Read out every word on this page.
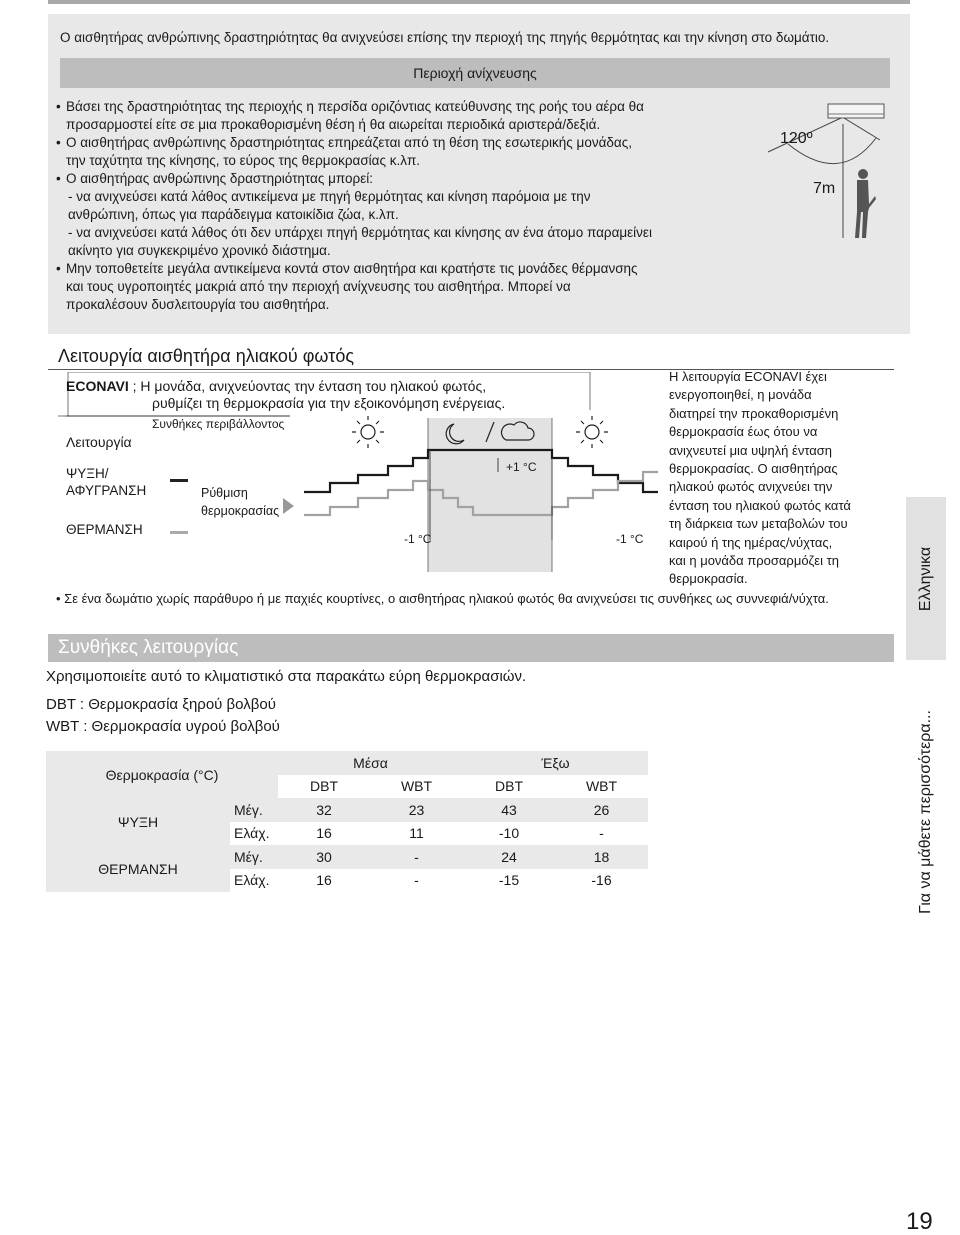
Ο αισθητήρας ανθρώπινης δραστηριότητας θα ανιχνεύσει επίσης την περιοχή της πηγής θερμότητας και την κίνηση στο δωμάτιο.
Περιοχή ανίχνευσης
• Βάσει της δραστηριότητας της περιοχής η περσίδα οριζόντιας κατεύθυνσης της ροής του αέρα θα
προσαρμοστεί είτε σε μια προκαθορισμένη θέση ή θα αιωρείται περιοδικά αριστερά/δεξιά.
• Ο αισθητήρας ανθρώπινης δραστηριότητας επηρεάζεται από τη θέση της εσωτερικής μονάδας,
την ταχύτητα της κίνησης, το εύρος της θερμοκρασίας κ.λπ.
• Ο αισθητήρας ανθρώπινης δραστηριότητας μπορεί:
- να ανιχνεύσει κατά λάθος αντικείμενα με πηγή θερμότητας και κίνηση παρόμοια με την
ανθρώπινη, όπως για παράδειγμα κατοικίδια ζώα, κ.λπ.
- να ανιχνεύσει κατά λάθος ότι δεν υπάρχει πηγή θερμότητας και κίνησης αν ένα άτομο παραμείνει
ακίνητο για συγκεκριμένο χρονικό διάστημα.
• Μην τοποθετείτε μεγάλα αντικείμενα κοντά στον αισθητήρα και κρατήστε τις μονάδες θέρμανσης
και τους υγροποιητές μακριά από την περιοχή ανίχνευσης του αισθητήρα. Μπορεί να
προκαλέσουν δυσλειτουργία του αισθητήρα.
120º
7m
Λειτουργία αισθητήρα ηλιακού φωτός
ECONAVI ; Η μονάδα, ανιχνεύοντας την ένταση του ηλιακού φωτός,
ρυθμίζει τη θερμοκρασία για την εξοικονόμηση ενέργειας.
Συνθήκες περιβάλλοντος
Λειτουργία
ΨΥΞΗ/
ΑΦΥΓΡΑΝΣΗ
ΘΕΡΜΑΝΣΗ
Ρύθμιση
θερμοκρασίας
+1 °C
-1 °C	-1 °C
Η λειτουργία ECONAVI έχει
ενεργοποιηθεί, η μονάδα
διατηρεί την προκαθορισμένη
θερμοκρασία έως ότου να
ανιχνευτεί μια υψηλή ένταση
θερμοκρασίας. Ο αισθητήρας
ηλιακού φωτός ανιχνεύει την
ένταση του ηλιακού φωτός κατά
τη διάρκεια των μεταβολών του
καιρού ή της ημέρας/νύχτας,
και η μονάδα προσαρμόζει τη
θερμοκρασία.
• Σε ένα δωμάτιο χωρίς παράθυρο ή με παχιές κουρτίνες, ο αισθητήρας ηλιακού φωτός θα ανιχνεύσει τις συνθήκες ως συννεφιά/νύχτα.
Συνθήκες λειτουργίας
Χρησιμοποιείτε αυτό το κλιματιστικό στα παρακάτω εύρη θερμοκρασιών.
DBT : Θερμοκρασία ξηρού βολβού
WBT : Θερμοκρασία υγρού βολβού
Θερμοκρασία (°C)		Μέσα		Έξω	
		DBT	WBT	DBT	WBT
ΨΥΞΗ	Μέγ.	32	23	43	26
	Ελάχ.	16	11	-10	-
ΘΕΡΜΑΝΣΗ	Μέγ.	30	-	24	18
	Ελάχ.	16	-	-15	-16
Ελληνικα
Για να μάθετε περισσότερα...
19
